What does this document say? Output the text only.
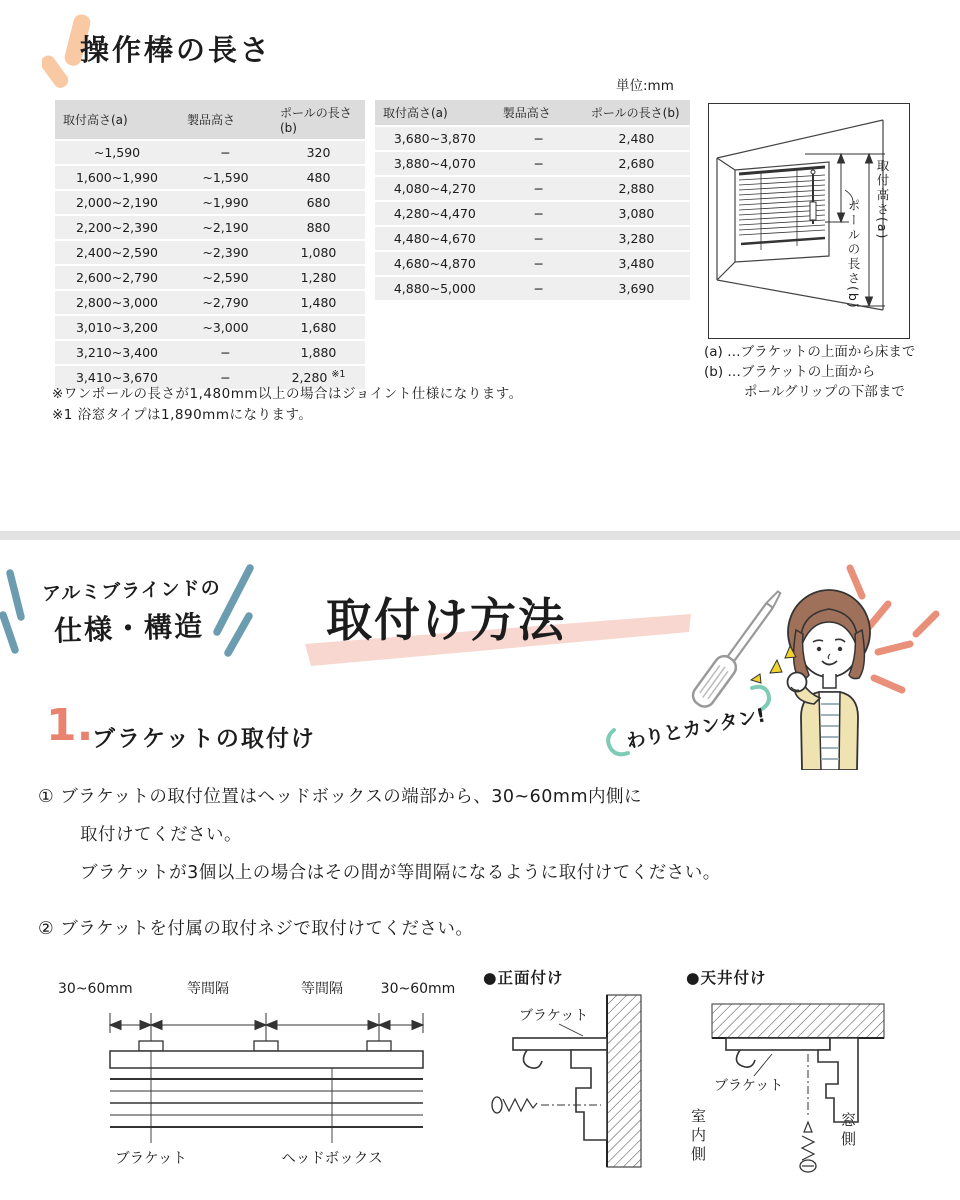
操作棒の長さ
単位:mm
取付高さ(a)	製品高さ	ポールの長さ(b)
~1,590	−	320
1,600~1,990	~1,590	480
2,000~2,190	~1,990	680
2,200~2,390	~2,190	880
2,400~2,590	~2,390	1,080
2,600~2,790	~2,590	1,280
2,800~3,000	~2,790	1,480
3,010~3,200	~3,000	1,680
3,210~3,400	−	1,880
3,410~3,670	−	2,280 $^{※1}$
取付高さ(a)	製品高さ	ポールの長さ(b)
3,680~3,870	−	2,480
3,880~4,070	−	2,680
4,080~4,270	−	2,880
4,280~4,470	−	3,080
4,480~4,670	−	3,280
4,680~4,870	−	3,480
4,880~5,000	−	3,690
※ワンポールの長さが1,480mm以上の場合はジョイント仕様になります。
※1 浴窓タイプは1,890mmになります。
取付高さ(a)
ポールの長さ(b)
(a) …ブラケットの上面から床まで
(b) …ブラケットの上面から
ポールグリップの下部まで
アルミブラインドの
仕様・構造	取付け方法
わりとカンタン!
1.
ブラケットの取付け
① ブラケットの取付位置はヘッドボックスの端部から、30~60mm内側に
取付けてください。
ブラケットが3個以上の場合はその間が等間隔になるように取付けてください。
② ブラケットを付属の取付ネジで取付けてください。
30~60mm	等間隔	等間隔	30~60mm
ブラケット	ヘッドボックス
●正面付け
ブラケット
●天井付け
ブラケット
室内側	窓側
